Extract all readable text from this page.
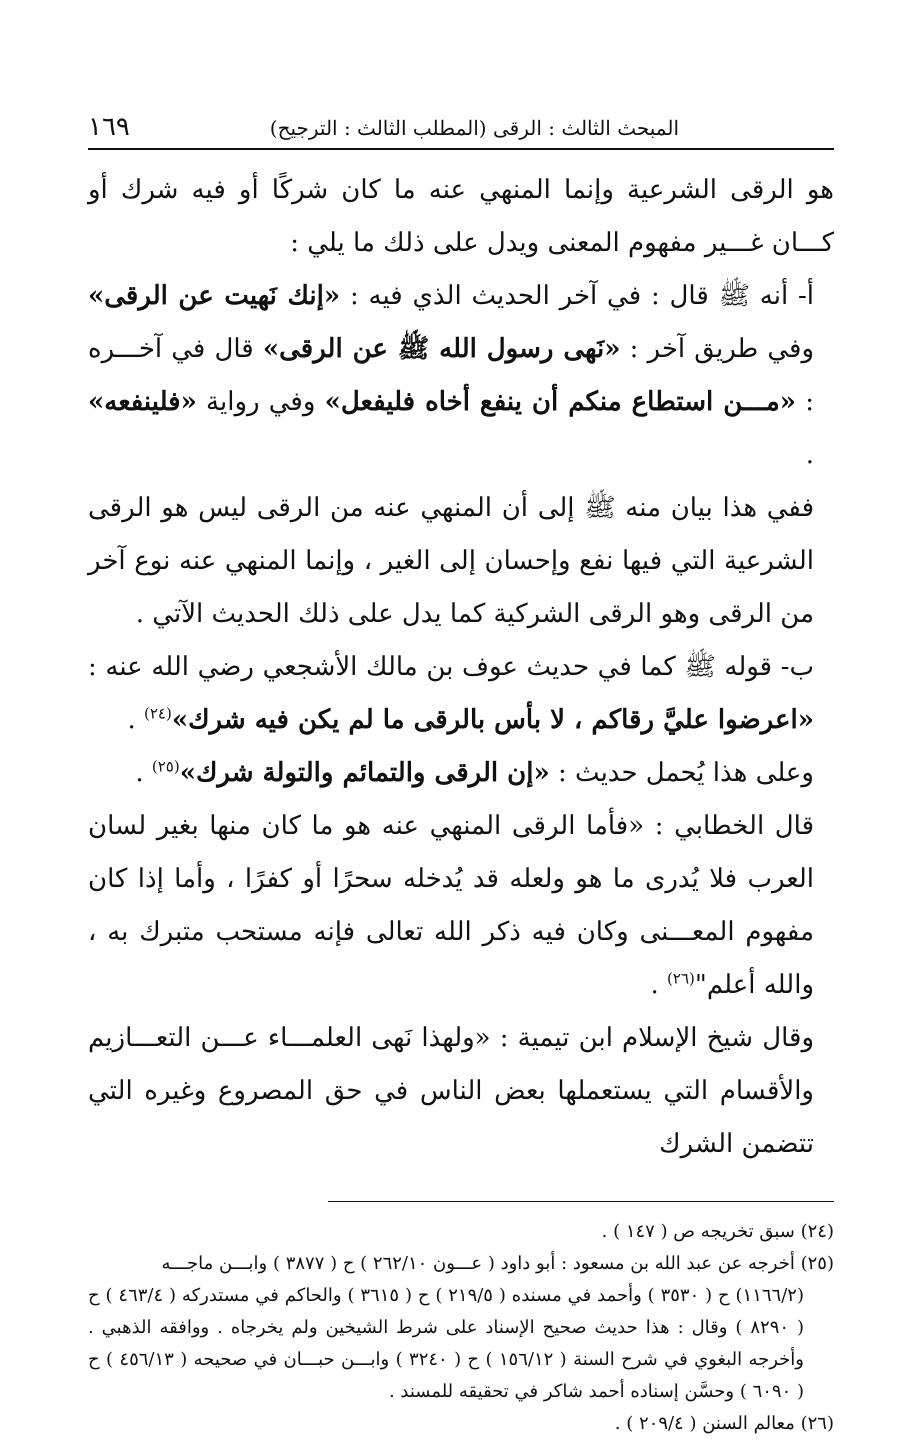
المبحث الثالث : الرقى (المطلب الثالث : الترجيح)
١٦٩

هو الرقى الشرعية وإنما المنهي عنه ما كان شركًا أو فيه شرك أو كـــان غـــير مفهوم المعنى ويدل على ذلك ما يلي :

أ- أنه ﷺ قال : في آخر الحديث الذي فيه : «إنك نَهيت عن الرقى» وفي طريق آخر : «نَهى رسول الله ﷺ عن الرقى» قال في آخـــره : «مـــن استطاع منكم أن ينفع أخاه فليفعل» وفي رواية «فلينفعه» .

ففي هذا بيان منه ﷺ إلى أن المنهي عنه من الرقى ليس هو الرقى الشرعية التي فيها نفع وإحسان إلى الغير ، وإنما المنهي عنه نوع آخر من الرقى وهو الرقى الشركية كما يدل على ذلك الحديث الآتي .

ب- قوله ﷺ كما في حديث عوف بن مالك الأشجعي رضي الله عنه : «اعرضوا عليَّ رقاكم ، لا بأس بالرقى ما لم يكن فيه شرك»$^{(٢٤)}$ .

وعلى هذا يُحمل حديث : «إن الرقى والتمائم والتولة شرك»$^{(٢٥)}$ .

قال الخطابي : «فأما الرقى المنهي عنه هو ما كان منها بغير لسان العرب فلا يُدرى ما هو ولعله قد يُدخله سحرًا أو كفرًا ، وأما إذا كان مفهوم المعـــنى وكان فيه ذكر الله تعالى فإنه مستحب متبرك به ، والله أعلم"$^{(٢٦)}$ .

وقال شيخ الإسلام ابن تيمية : «ولهذا نَهى العلمـــاء عـــن التعـــازيم والأقسام التي يستعملها بعض الناس في حق المصروع وغيره التي تتضمن الشرك

(٢٤) سبق تخريجه ص ( ١٤٧ ) .

(٢٥) أخرجه عن عبد الله بن مسعود : أبو داود ( عـــون ٢٦٢/١٠ ) ح ( ٣٨٧٧ ) وابـــن ماجـــه

(١١٦٦/٢) ح ( ٣٥٣٠ ) وأحمد في مسنده ( ٢١٩/٥ ) ح ( ٣٦١٥ ) والحاكم في مستدركه ( ٤٦٣/٤ ) ح ( ٨٢٩٠ ) وقال : هذا حديث صحيح الإسناد على شرط الشيخين ولم يخرجاه . ووافقه الذهبي . وأخرجه البغوي في شرح السنة ( ١٥٦/١٢ ) ح ( ٣٢٤٠ ) وابـــن حبـــان في صحيحه ( ٤٥٦/١٣ ) ح ( ٦٠٩٠ ) وحسَّن إسناده أحمد شاكر في تحقيقه للمسند .

(٢٦) معالم السنن ( ٢٠٩/٤ ) .
